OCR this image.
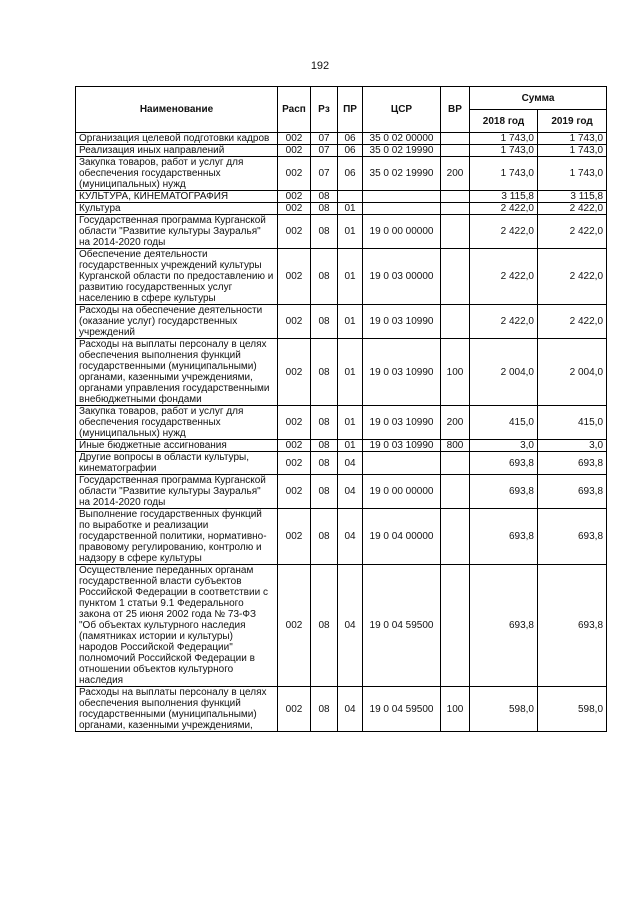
192
Наименование	Расп	Рз	ПР	ЦСР	ВР	Сумма	
						2018 год	2019 год
Организация целевой подготовки кадров	002	07	06	35 0 02 00000		1 743,0	1 743,0
Реализация иных направлений	002	07	06	35 0 02 19990		1 743,0	1 743,0
Закупка товаров, работ и услуг для обеспечения государственных (муниципальных) нужд	002	07	06	35 0 02 19990	200	1 743,0	1 743,0
КУЛЬТУРА, КИНЕМАТОГРАФИЯ	002	08				3 115,8	3 115,8
Культура	002	08	01			2 422,0	2 422,0
Государственная программа Курганской области "Развитие культуры Зауралья" на 2014-2020 годы	002	08	01	19 0 00 00000		2 422,0	2 422,0
Обеспечение деятельности государственных учреждений культуры Курганской области по предоставлению и развитию государственных услуг населению в сфере культуры	002	08	01	19 0 03 00000		2 422,0	2 422,0
Расходы на обеспечение деятельности (оказание услуг) государственных учреждений	002	08	01	19 0 03 10990		2 422,0	2 422,0
Расходы на выплаты персоналу в целях обеспечения выполнения функций государственными (муниципальными) органами, казенными учреждениями, органами управления государственными внебюджетными фондами	002	08	01	19 0 03 10990	100	2 004,0	2 004,0
Закупка товаров, работ и услуг для обеспечения государственных (муниципальных) нужд	002	08	01	19 0 03 10990	200	415,0	415,0
Иные бюджетные ассигнования	002	08	01	19 0 03 10990	800	3,0	3,0
Другие вопросы в области культуры, кинематографии	002	08	04			693,8	693,8
Государственная программа Курганской области "Развитие культуры Зауралья" на 2014-2020 годы	002	08	04	19 0 00 00000		693,8	693,8
Выполнение государственных функций по выработке и реализации государственной политики, нормативно-правовому регулированию, контролю и надзору в сфере культуры	002	08	04	19 0 04 00000		693,8	693,8
Осуществление переданных органам государственной власти субъектов Российской Федерации в соответствии с пунктом 1 статьи 9.1 Федерального закона от 25 июня 2002 года № 73-ФЗ "Об объектах культурного наследия (памятниках истории и культуры) народов Российской Федерации" полномочий Российской Федерации в отношении объектов культурного наследия	002	08	04	19 0 04 59500		693,8	693,8
Расходы на выплаты персоналу в целях обеспечения выполнения функций государственными (муниципальными) органами, казенными учреждениями,	002	08	04	19 0 04 59500	100	598,0	598,0
